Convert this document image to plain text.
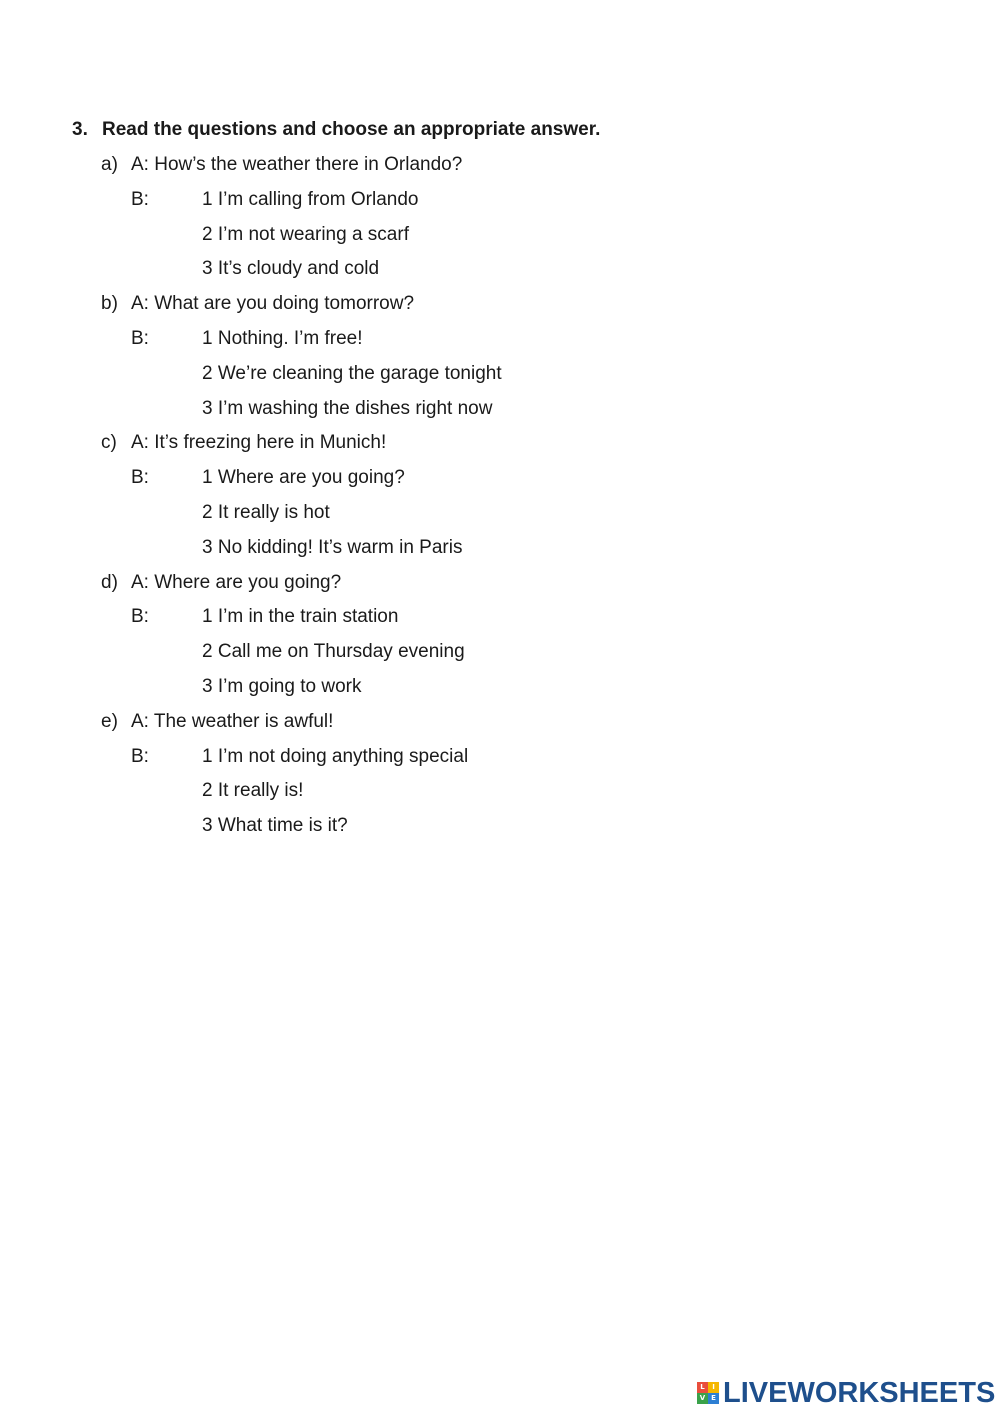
3. Read the questions and choose an appropriate answer.
a) A: How’s the weather there in Orlando?
B:	1 I’m calling from Orlando
2 I’m not wearing a scarf
3 It’s cloudy and cold
b) A: What are you doing tomorrow?
B:	1 Nothing. I’m free!
2 We’re cleaning the garage tonight
3 I’m washing the dishes right now
c) A: It’s freezing here in Munich!
B:	1 Where are you going?
2 It really is hot
3 No kidding! It’s warm in Paris
d) A: Where are you going?
B:	1 I’m in the train station
2 Call me on Thursday evening
3 I’m going to work
e) A: The weather is awful!
B:	1 I’m not doing anything special
2 It really is!
3 What time is it?
L	I
V E LIVEWORKSHEETS
